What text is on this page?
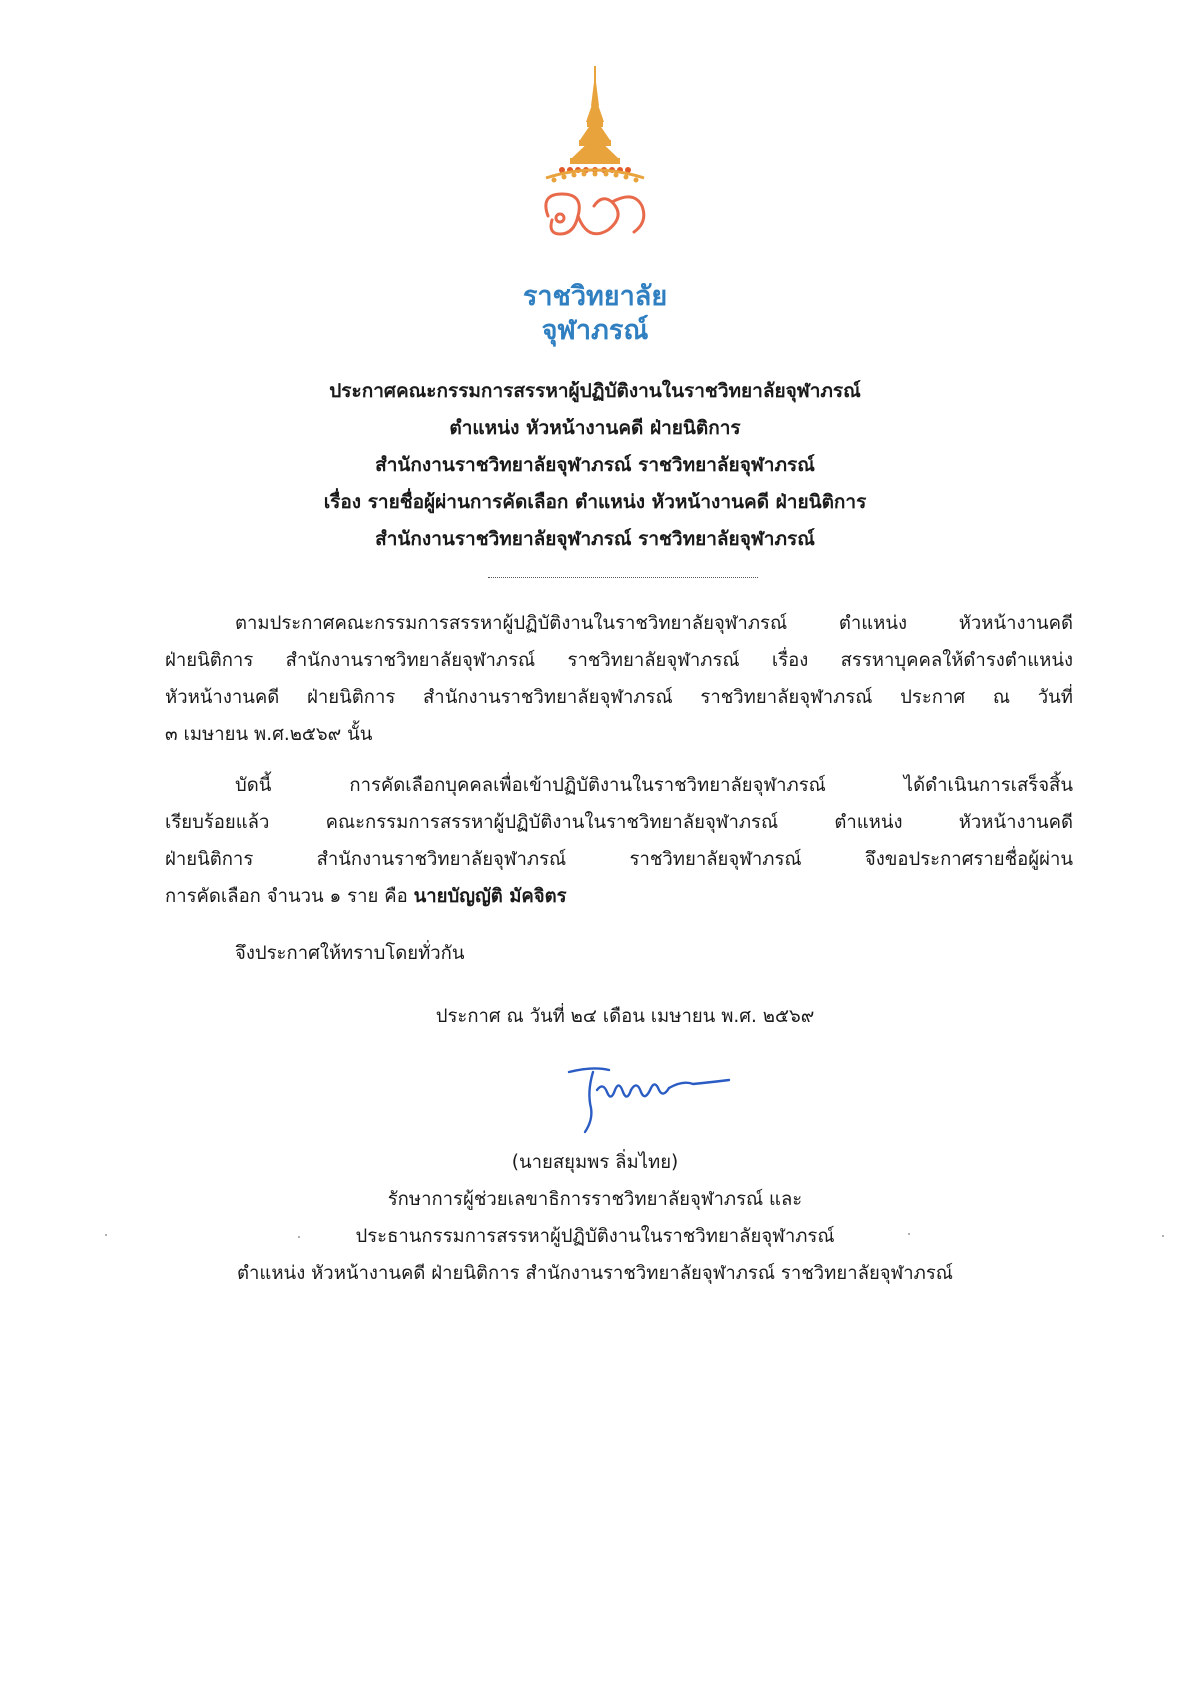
ราชวิทยาลัย
จุฬาภรณ์
ประกาศคณะกรรมการสรรหาผู้ปฏิบัติงานในราชวิทยาลัยจุฬาภรณ์
ตำแหน่ง หัวหน้างานคดี ฝ่ายนิติการ
สำนักงานราชวิทยาลัยจุฬาภรณ์ ราชวิทยาลัยจุฬาภรณ์
เรื่อง รายชื่อผู้ผ่านการคัดเลือก ตำแหน่ง หัวหน้างานคดี ฝ่ายนิติการ
สำนักงานราชวิทยาลัยจุฬาภรณ์ ราชวิทยาลัยจุฬาภรณ์
ตามประกาศคณะกรรมการสรรหาผู้ปฏิบัติงานในราชวิทยาลัยจุฬาภรณ์ ตำแหน่ง หัวหน้างานคดี
ฝ่ายนิติการ สำนักงานราชวิทยาลัยจุฬาภรณ์ ราชวิทยาลัยจุฬาภรณ์ เรื่อง สรรหาบุคคลให้ดำรงตำแหน่ง
หัวหน้างานคดี ฝ่ายนิติการ สำนักงานราชวิทยาลัยจุฬาภรณ์ ราชวิทยาลัยจุฬาภรณ์ ประกาศ ณ วันที่
๓ เมษายน พ.ศ.๒๕๖๙ นั้น
บัดนี้ การคัดเลือกบุคคลเพื่อเข้าปฏิบัติงานในราชวิทยาลัยจุฬาภรณ์ ได้ดำเนินการเสร็จสิ้น
เรียบร้อยแล้ว คณะกรรมการสรรหาผู้ปฏิบัติงานในราชวิทยาลัยจุฬาภรณ์ ตำแหน่ง หัวหน้างานคดี
ฝ่ายนิติการ สำนักงานราชวิทยาลัยจุฬาภรณ์ ราชวิทยาลัยจุฬาภรณ์ จึงขอประกาศรายชื่อผู้ผ่าน
การคัดเลือก จำนวน ๑ ราย คือ นายบัญญัติ มัคจิตร
จึงประกาศให้ทราบโดยทั่วกัน
ประกาศ ณ วันที่ ๒๔ เดือน เมษายน พ.ศ. ๒๕๖๙
(นายสยุมพร ลิ่มไทย)
รักษาการผู้ช่วยเลขาธิการราชวิทยาลัยจุฬาภรณ์ และ
ประธานกรรมการสรรหาผู้ปฏิบัติงานในราชวิทยาลัยจุฬาภรณ์
ตำแหน่ง หัวหน้างานคดี ฝ่ายนิติการ สำนักงานราชวิทยาลัยจุฬาภรณ์ ราชวิทยาลัยจุฬาภรณ์
